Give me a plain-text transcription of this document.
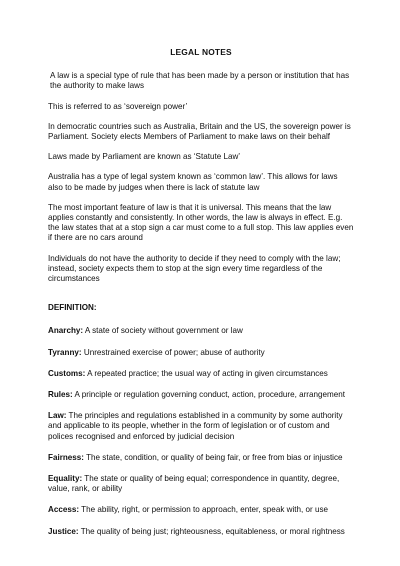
LEGAL NOTES

A law is a special type of rule that has been made by a person or institution that has the authority to make laws

This is referred to as ‘sovereign power’

In democratic countries such as Australia, Britain and the US, the sovereign power is Parliament. Society elects Members of Parliament to make laws on their behalf

Laws made by Parliament are known as ‘Statute Law’

Australia has a type of legal system known as ‘common law’. This allows for laws also to be made by judges when there is lack of statute law

The most important feature of law is that it is universal. This means that the law applies constantly and consistently. In other words, the law is always in effect. E.g. the law states that at a stop sign a car must come to a full stop. This law applies even if there are no cars around

Individuals do not have the authority to decide if they need to comply with the law; instead, society expects them to stop at the sign every time regardless of the circumstances

DEFINITION:
Anarchy: A state of society without government or law
Tyranny: Unrestrained exercise of power; abuse of authority
Customs: A repeated practice; the usual way of acting in given circumstances
Rules: A principle or regulation governing conduct, action, procedure, arrangement
Law: The principles and regulations established in a community by some authority and applicable to its people, whether in the form of legislation or of custom and polices recognised and enforced by judicial decision
Fairness: The state, condition, or quality of being fair, or free from bias or injustice
Equality: The state or quality of being equal; correspondence in quantity, degree, value, rank, or ability
Access: The ability, right, or permission to approach, enter, speak with, or use
Justice: The quality of being just; righteousness, equitableness, or moral rightness
